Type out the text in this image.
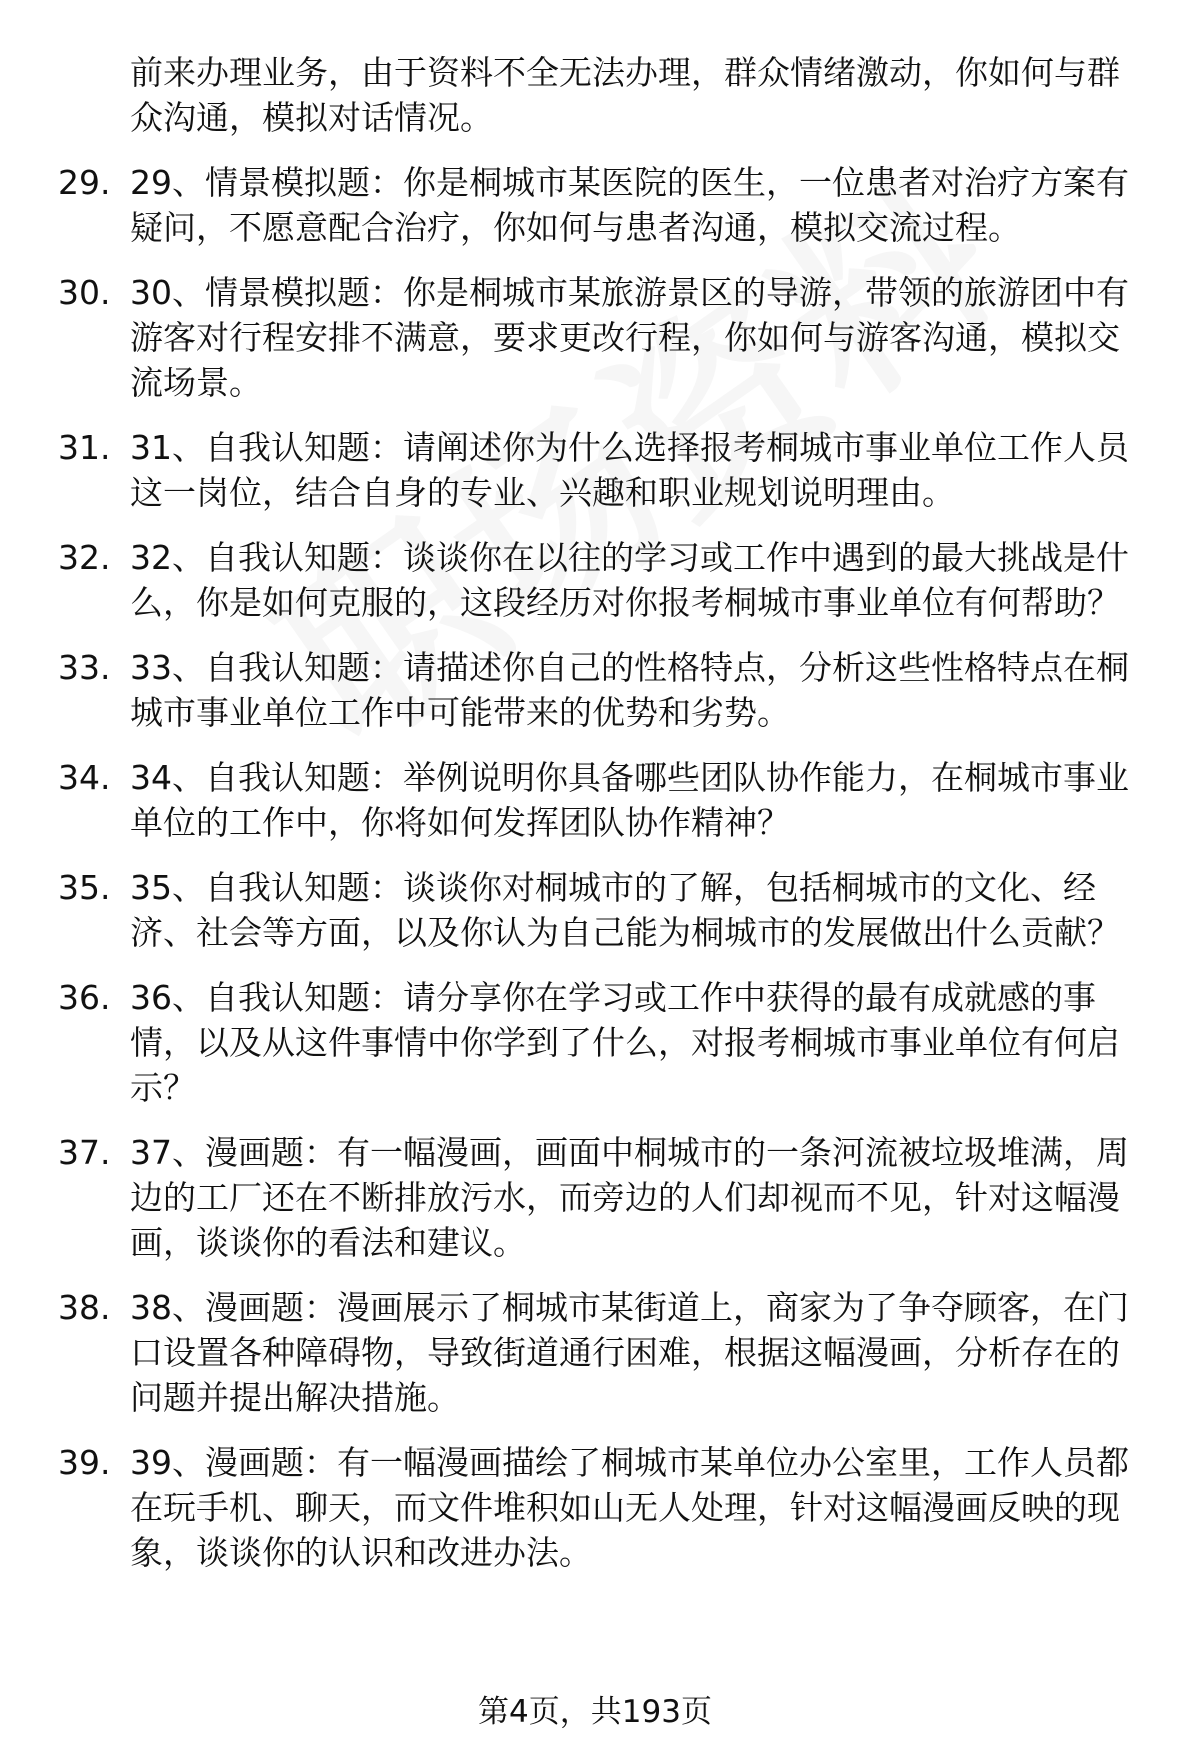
前来办理业务，由于资料不全无法办理，群众情绪激动，你如何与群众沟通，模拟对话情况。

29. 29、情景模拟题：你是桐城市某医院的医生，一位患者对治疗方案有疑问，不愿意配合治疗，你如何与患者沟通，模拟交流过程。
30. 30、情景模拟题：你是桐城市某旅游景区的导游，带领的旅游团中有游客对行程安排不满意，要求更改行程，你如何与游客沟通，模拟交流场景。
31. 31、自我认知题：请阐述你为什么选择报考桐城市事业单位工作人员这一岗位，结合自身的专业、兴趣和职业规划说明理由。
32. 32、自我认知题：谈谈你在以往的学习或工作中遇到的最大挑战是什么，你是如何克服的，这段经历对你报考桐城市事业单位有何帮助？
33. 33、自我认知题：请描述你自己的性格特点，分析这些性格特点在桐城市事业单位工作中可能带来的优势和劣势。
34. 34、自我认知题：举例说明你具备哪些团队协作能力，在桐城市事业单位的工作中，你将如何发挥团队协作精神？
35. 35、自我认知题：谈谈你对桐城市的了解，包括桐城市的文化、经济、社会等方面，以及你认为自己能为桐城市的发展做出什么贡献？
36. 36、自我认知题：请分享你在学习或工作中获得的最有成就感的事情，以及从这件事情中你学到了什么，对报考桐城市事业单位有何启示？
37. 37、漫画题：有一幅漫画，画面中桐城市的一条河流被垃圾堆满，周边的工厂还在不断排放污水，而旁边的人们却视而不见，针对这幅漫画，谈谈你的看法和建议。
38. 38、漫画题：漫画展示了桐城市某街道上，商家为了争夺顾客，在门口设置各种障碍物，导致街道通行困难，根据这幅漫画，分析存在的问题并提出解决措施。
39. 39、漫画题：有一幅漫画描绘了桐城市某单位办公室里，工作人员都在玩手机、聊天，而文件堆积如山无人处理，针对这幅漫画反映的现象，谈谈你的认识和改进办法。
第4页，共193页
